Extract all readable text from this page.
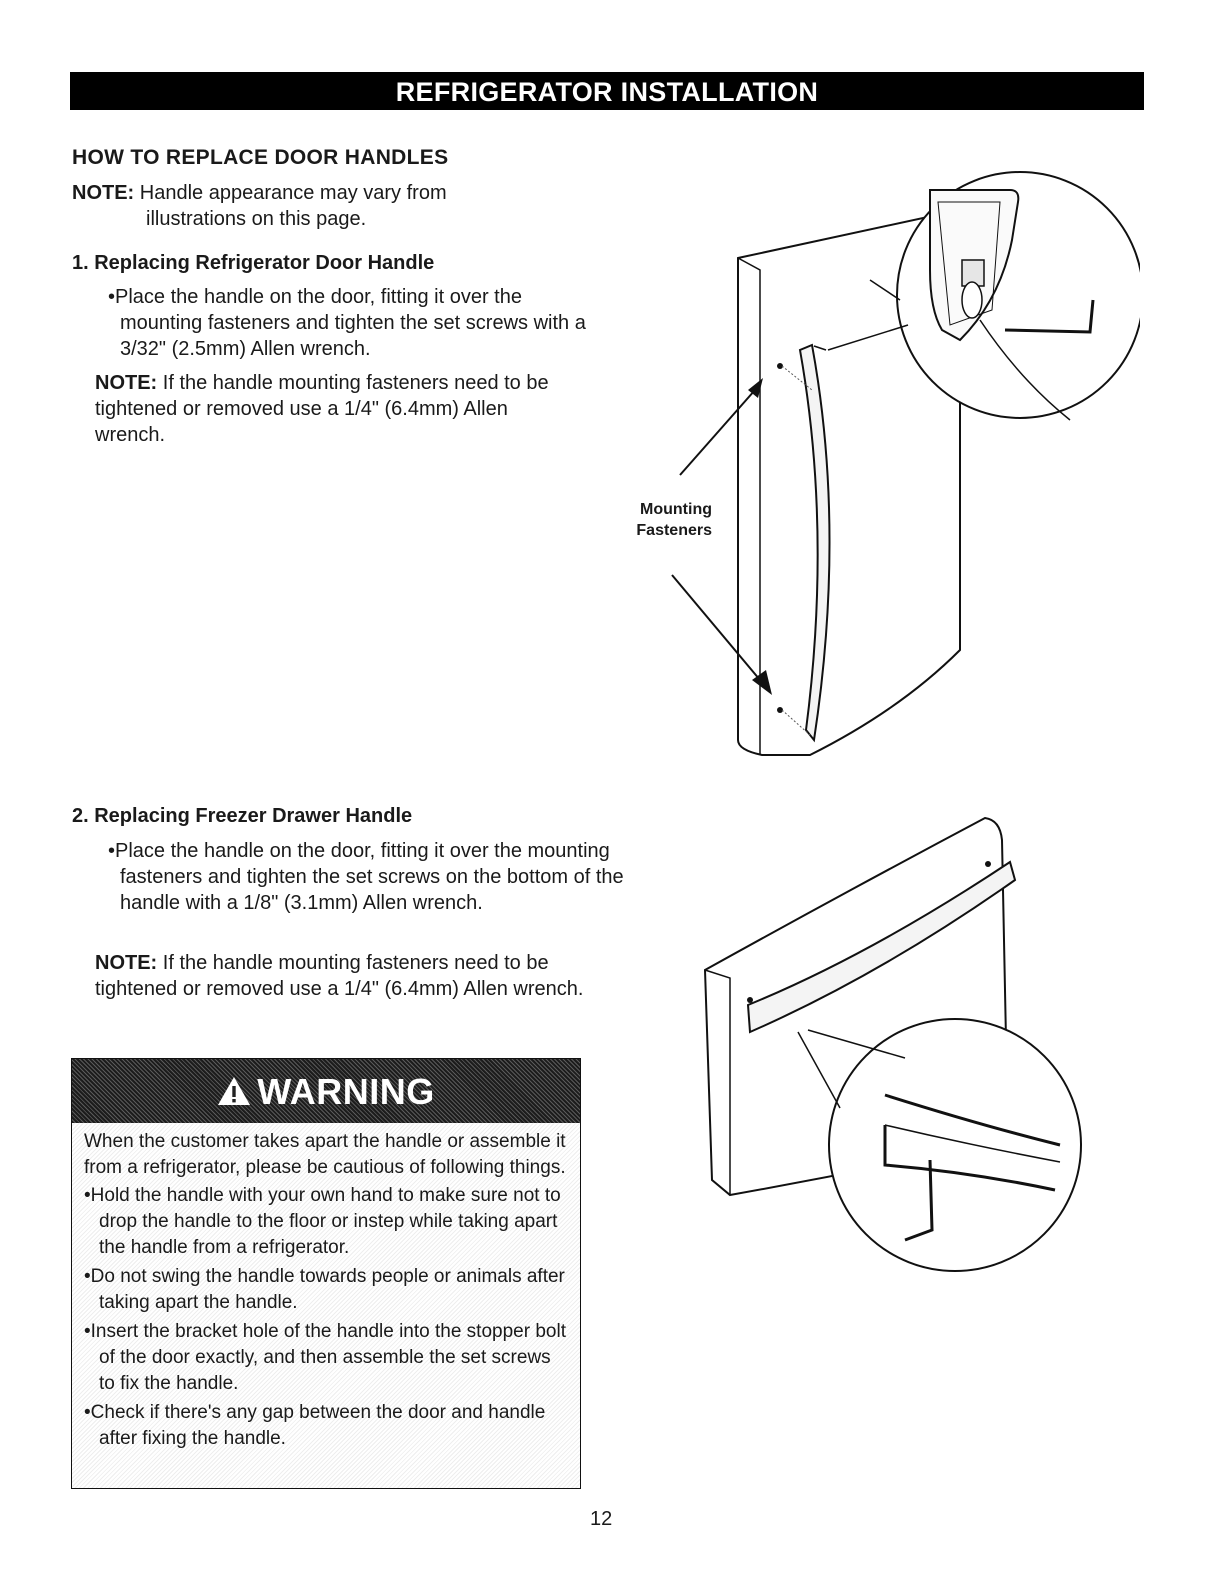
REFRIGERATOR INSTALLATION
HOW TO REPLACE DOOR HANDLES

NOTE: Handle appearance may vary from
illustrations on this page.

1. Replacing Refrigerator Door Handle

•Place the handle on the door, fitting it over the mounting fasteners and tighten the set screws with a 3/32" (2.5mm) Allen wrench.

NOTE: If the handle mounting fasteners need to be tightened or removed use a 1/4" (6.4mm) Allen wrench.

Mounting
Fasteners
2. Replacing Freezer Drawer Handle

•Place the handle on the door, fitting it over the mounting fasteners and tighten the set screws on the bottom of the handle with a 1/8" (3.1mm) Allen wrench.

NOTE: If the handle mounting fasteners need to be tightened or removed use a 1/4" (6.4mm) Allen wrench.

WARNING
When the customer takes apart the handle or assemble it from a refrigerator, please be cautious of following things.
•Hold the handle with your own hand to make sure not to drop the handle to the floor or instep while taking apart the handle from a refrigerator.
•Do not swing the handle towards people or animals after taking apart the handle.
•Insert the bracket hole of the handle into the stopper bolt of the door exactly, and then assemble the set screws to fix the handle.
•Check if there's any gap between the door and handle after fixing the handle.
12
